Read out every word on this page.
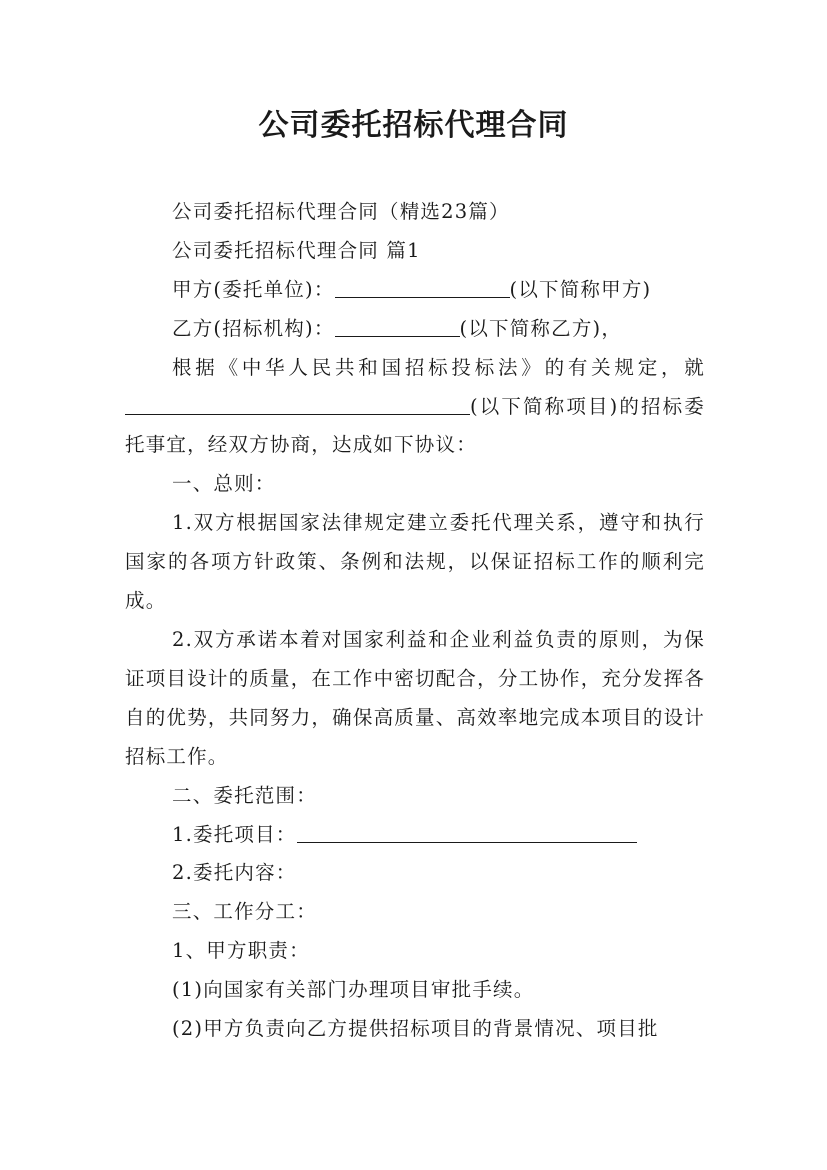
公司委托招标代理合同

公司委托招标代理合同（精选23篇）

公司委托招标代理合同 篇1

甲方(委托单位)：	(以下简称甲方)

乙方(招标机构)：	(以下简称乙方)，

根据《中华人民共和国招标投标法》的有关规定，就(以下简称项目)的招标委托事宜，经双方协商，达成如下协议：

一、总则：

1.双方根据国家法律规定建立委托代理关系，遵守和执行国家的各项方针政策、条例和法规，以保证招标工作的顺利完成。

2.双方承诺本着对国家利益和企业利益负责的原则，为保证项目设计的质量，在工作中密切配合，分工协作，充分发挥各自的优势，共同努力，确保高质量、高效率地完成本项目的设计招标工作。

二、委托范围：

1.委托项目：

2.委托内容：

三、工作分工：

1、甲方职责：

(1)向国家有关部门办理项目审批手续。

(2)甲方负责向乙方提供招标项目的背景情况、项目批
